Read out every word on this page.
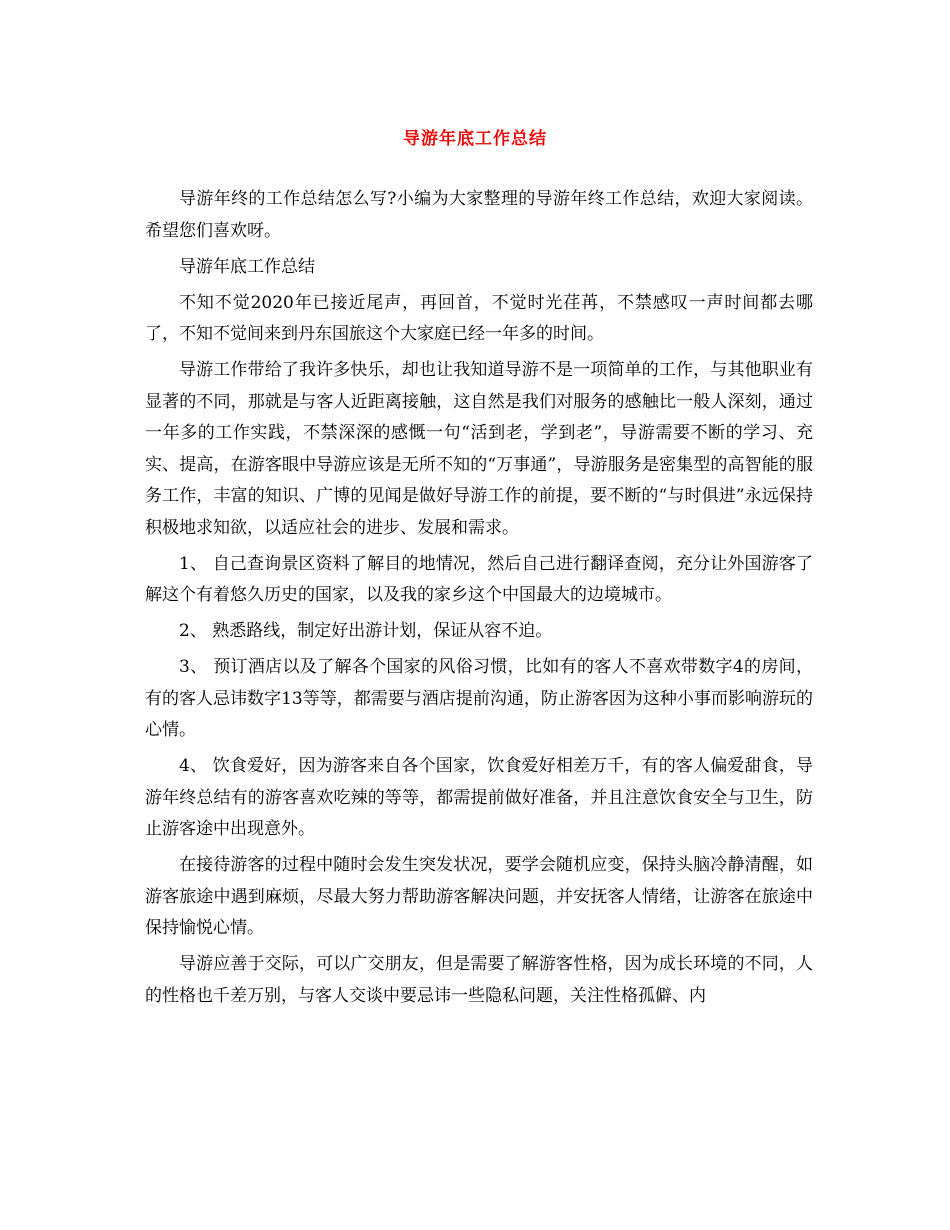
导游年底工作总结

导游年终的工作总结怎么写?小编为大家整理的导游年终工作总结，欢迎大家阅读。希望您们喜欢呀。

导游年底工作总结

不知不觉2020年已接近尾声，再回首，不觉时光荏苒，不禁感叹一声时间都去哪了，不知不觉间来到丹东国旅这个大家庭已经一年多的时间。

导游工作带给了我许多快乐，却也让我知道导游不是一项简单的工作，与其他职业有显著的不同，那就是与客人近距离接触，这自然是我们对服务的感触比一般人深刻，通过一年多的工作实践，不禁深深的感慨一句“活到老，学到老”，导游需要不断的学习、充实、提高，在游客眼中导游应该是无所不知的“万事通”，导游服务是密集型的高智能的服务工作，丰富的知识、广博的见闻是做好导游工作的前提，要不断的“与时俱进”永远保持积极地求知欲，以适应社会的进步、发展和需求。

1、 自己查询景区资料了解目的地情况，然后自己进行翻译查阅，充分让外国游客了解这个有着悠久历史的国家，以及我的家乡这个中国最大的边境城市。

2、 熟悉路线，制定好出游计划，保证从容不迫。

3、 预订酒店以及了解各个国家的风俗习惯，比如有的客人不喜欢带数字4的房间，有的客人忌讳数字13等等，都需要与酒店提前沟通，防止游客因为这种小事而影响游玩的心情。

4、 饮食爱好，因为游客来自各个国家，饮食爱好相差万千，有的客人偏爱甜食，导游年终总结有的游客喜欢吃辣的等等，都需提前做好准备，并且注意饮食安全与卫生，防止游客途中出现意外。

在接待游客的过程中随时会发生突发状况，要学会随机应变，保持头脑冷静清醒，如游客旅途中遇到麻烦，尽最大努力帮助游客解决问题，并安抚客人情绪，让游客在旅途中保持愉悦心情。

导游应善于交际，可以广交朋友，但是需要了解游客性格，因为成长环境的不同，人的性格也千差万别，与客人交谈中要忌讳一些隐私问题，关注性格孤僻、内
